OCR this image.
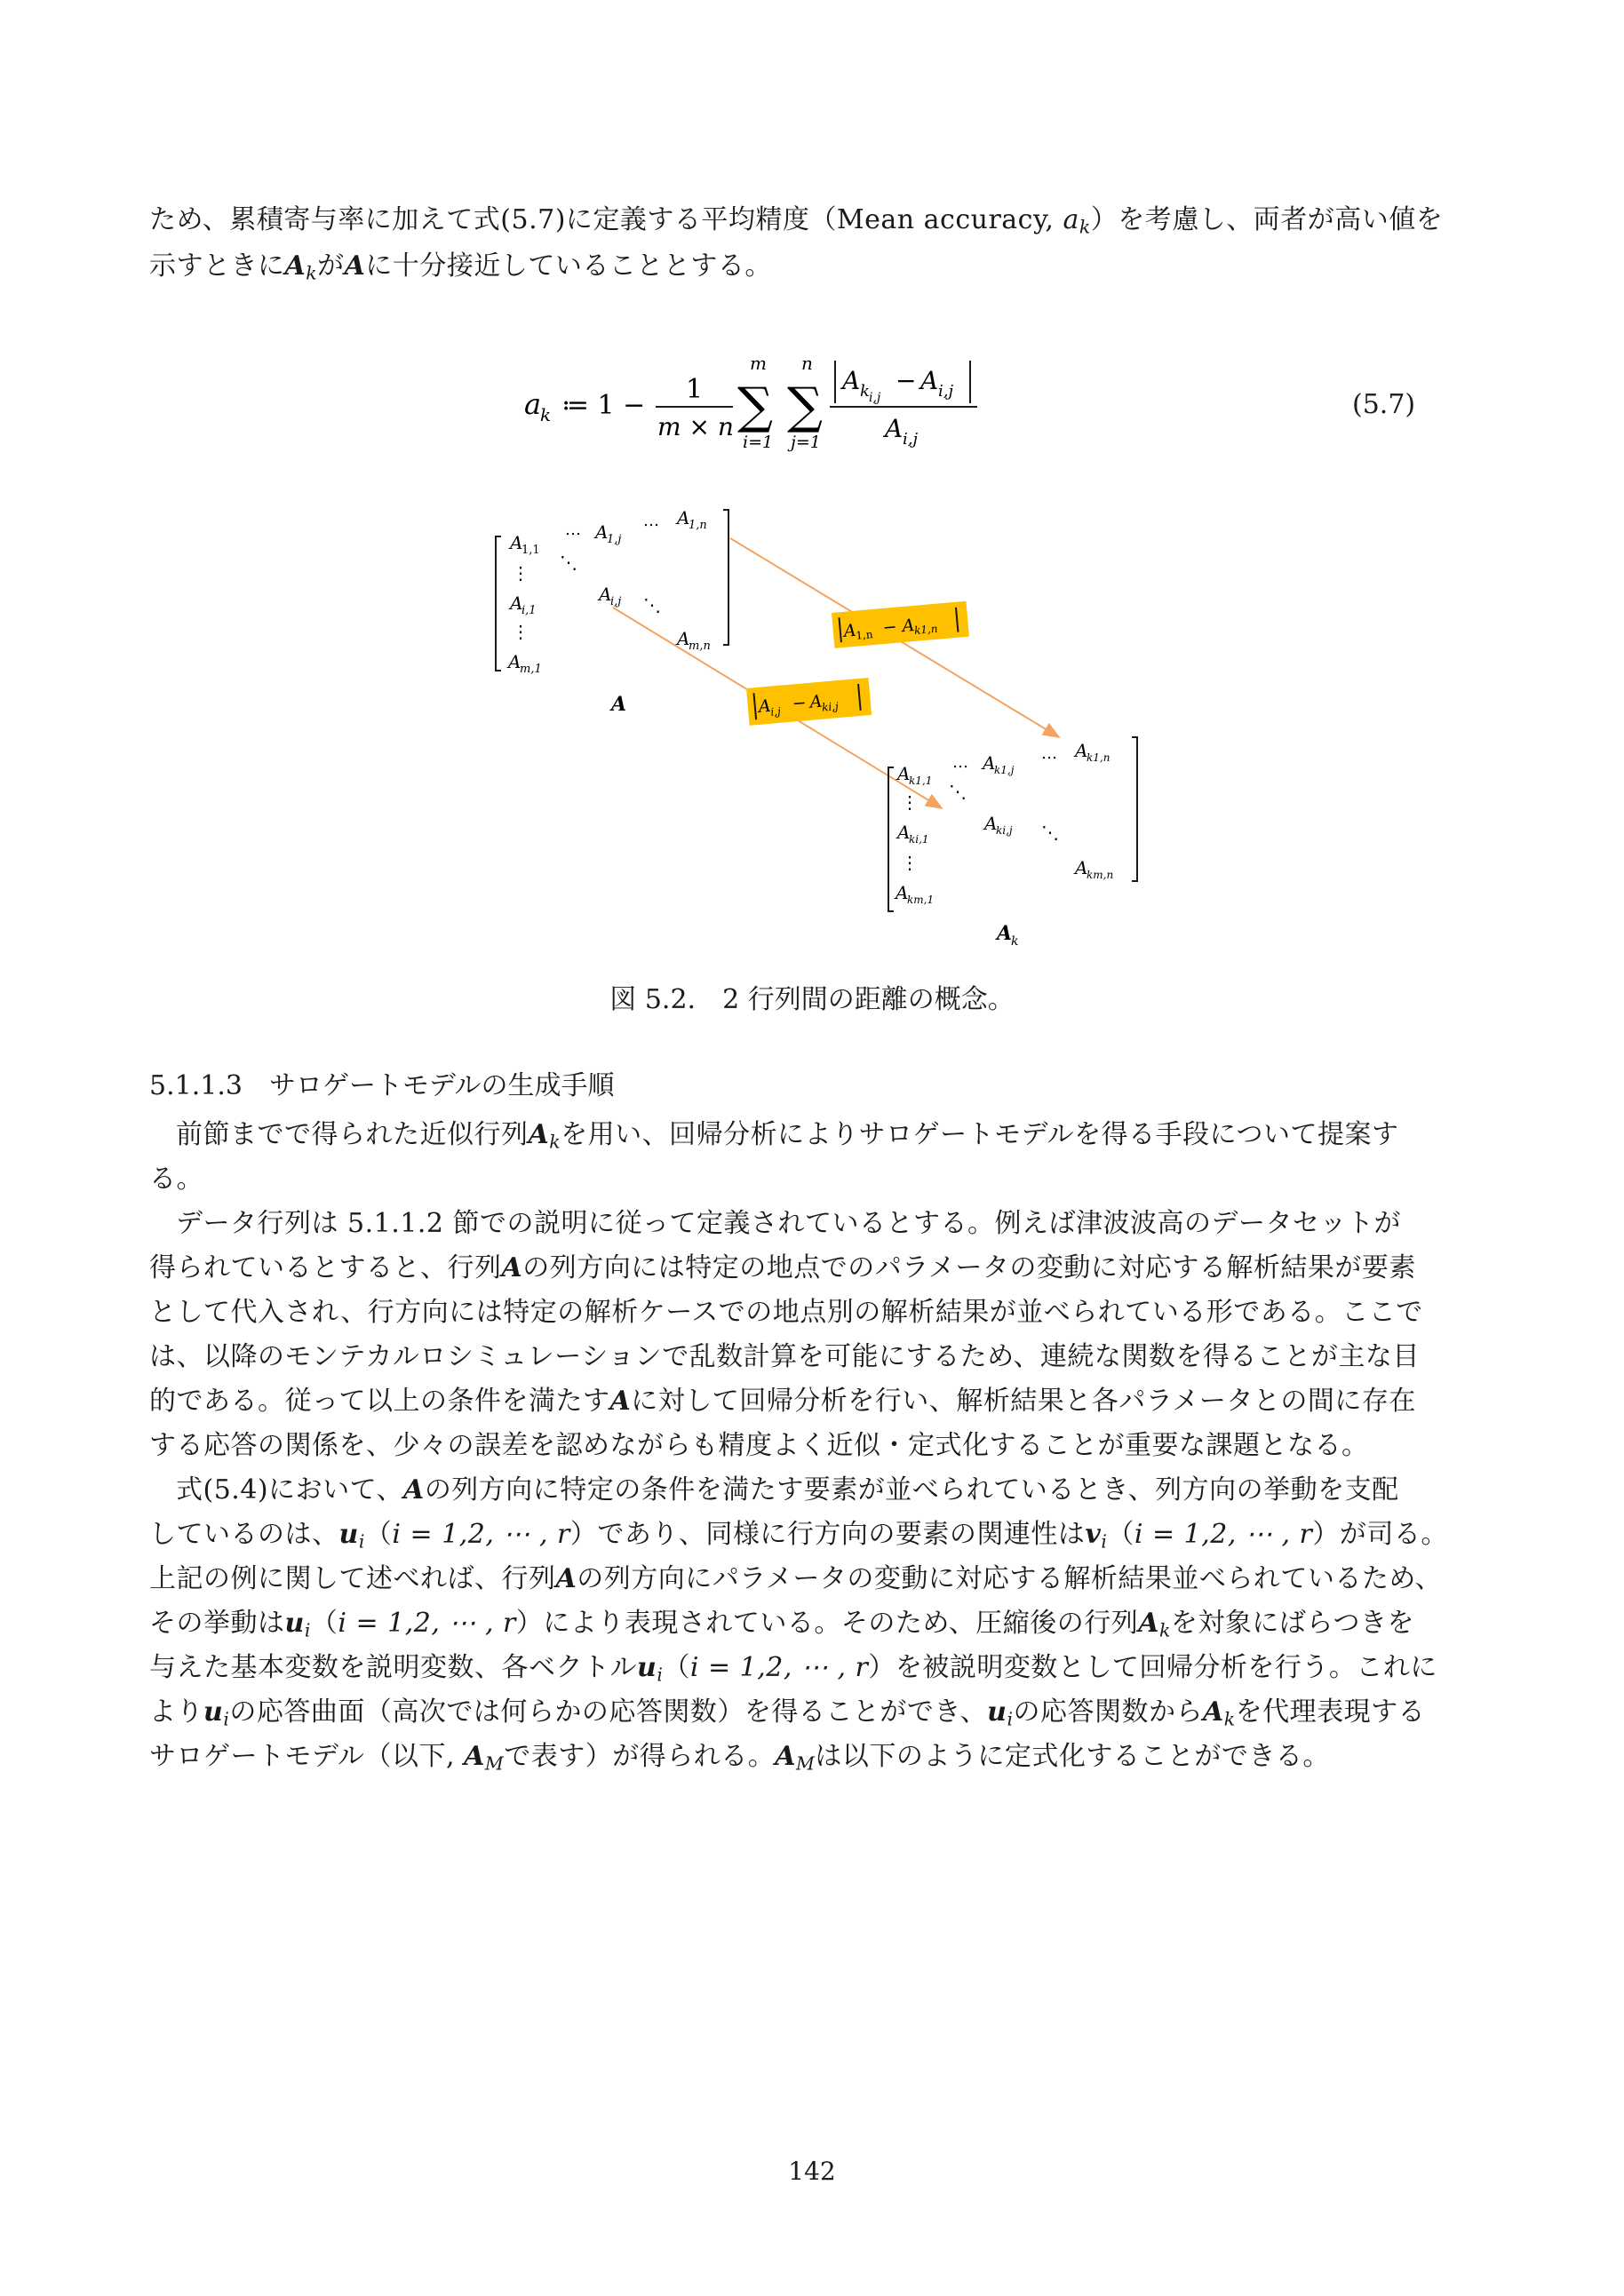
ため、累積寄与率に加えて式(5.7)に定義する平均精度（Mean accuracy, $a_k$）を考慮し、両者が高い値を
示すときに$A_k$がAに十分接近していることとする。
a
k ≔ 1 −
1
m × n
m
∑
i=1
n
∑
j=1
A k i,j
− A i,j
A i,j
(5.7)
A
1,1
… A
1,j
… A
1,n
⋮ ⋱
A
i,1
A
i,j ⋱
⋮	A
m,n
A
m,1
A
A
1,n − A
k1,n
A
i,j − A
ki,j
A
k1,1
… A
k1,j
… A
k1,n
⋮ ⋱
A
ki,1
A
ki,j ⋱
⋮	A
km,n
A
km,1
A
k
図 5.2.　2 行列間の距離の概念。
5.1.1.3　サロゲートモデルの生成手順
前節までで得られた近似行列$A_k$を用い、回帰分析によりサロゲートモデルを得る手段について提案す
る。
データ行列は 5.1.1.2 節での説明に従って定義されているとする。例えば津波波高のデータセットが
得られているとすると、行列Aの列方向には特定の地点でのパラメータの変動に対応する解析結果が要素
として代入され、行方向には特定の解析ケースでの地点別の解析結果が並べられている形である。ここで
は、以降のモンテカルロシミュレーションで乱数計算を可能にするため、連続な関数を得ることが主な目
的である。従って以上の条件を満たすAに対して回帰分析を行い、解析結果と各パラメータとの間に存在
する応答の関係を、少々の誤差を認めながらも精度よく近似・定式化することが重要な課題となる。
式(5.4)において、Aの列方向に特定の条件を満たす要素が並べられているとき、列方向の挙動を支配
しているのは、$u_i(i = 1,2$, ⋯ , r）であり、同様に行方向の要素の関連性は$v_i(i = 1,2$, ⋯ , r）が司る。
上記の例に関して述べれば、行列Aの列方向にパラメータの変動に対応する解析結果並べられているため、
その挙動は$u_i(i = 1,2$, ⋯ , r）により表現されている。そのため、圧縮後の行列$A_k$を対象にばらつきを
与えた基本変数を説明変数、各ベクトル$u_i(i = 1,2$, ⋯ , r）を被説明変数として回帰分析を行う。これに
より$u_i$の応答曲面（高次では何らかの応答関数）を得ることができ、$u_i$の応答関数から$A_k$を代理表現する
サロゲートモデル（以下, $A_M$で表す）が得られる。$A_M$は以下のように定式化することができる。
142
